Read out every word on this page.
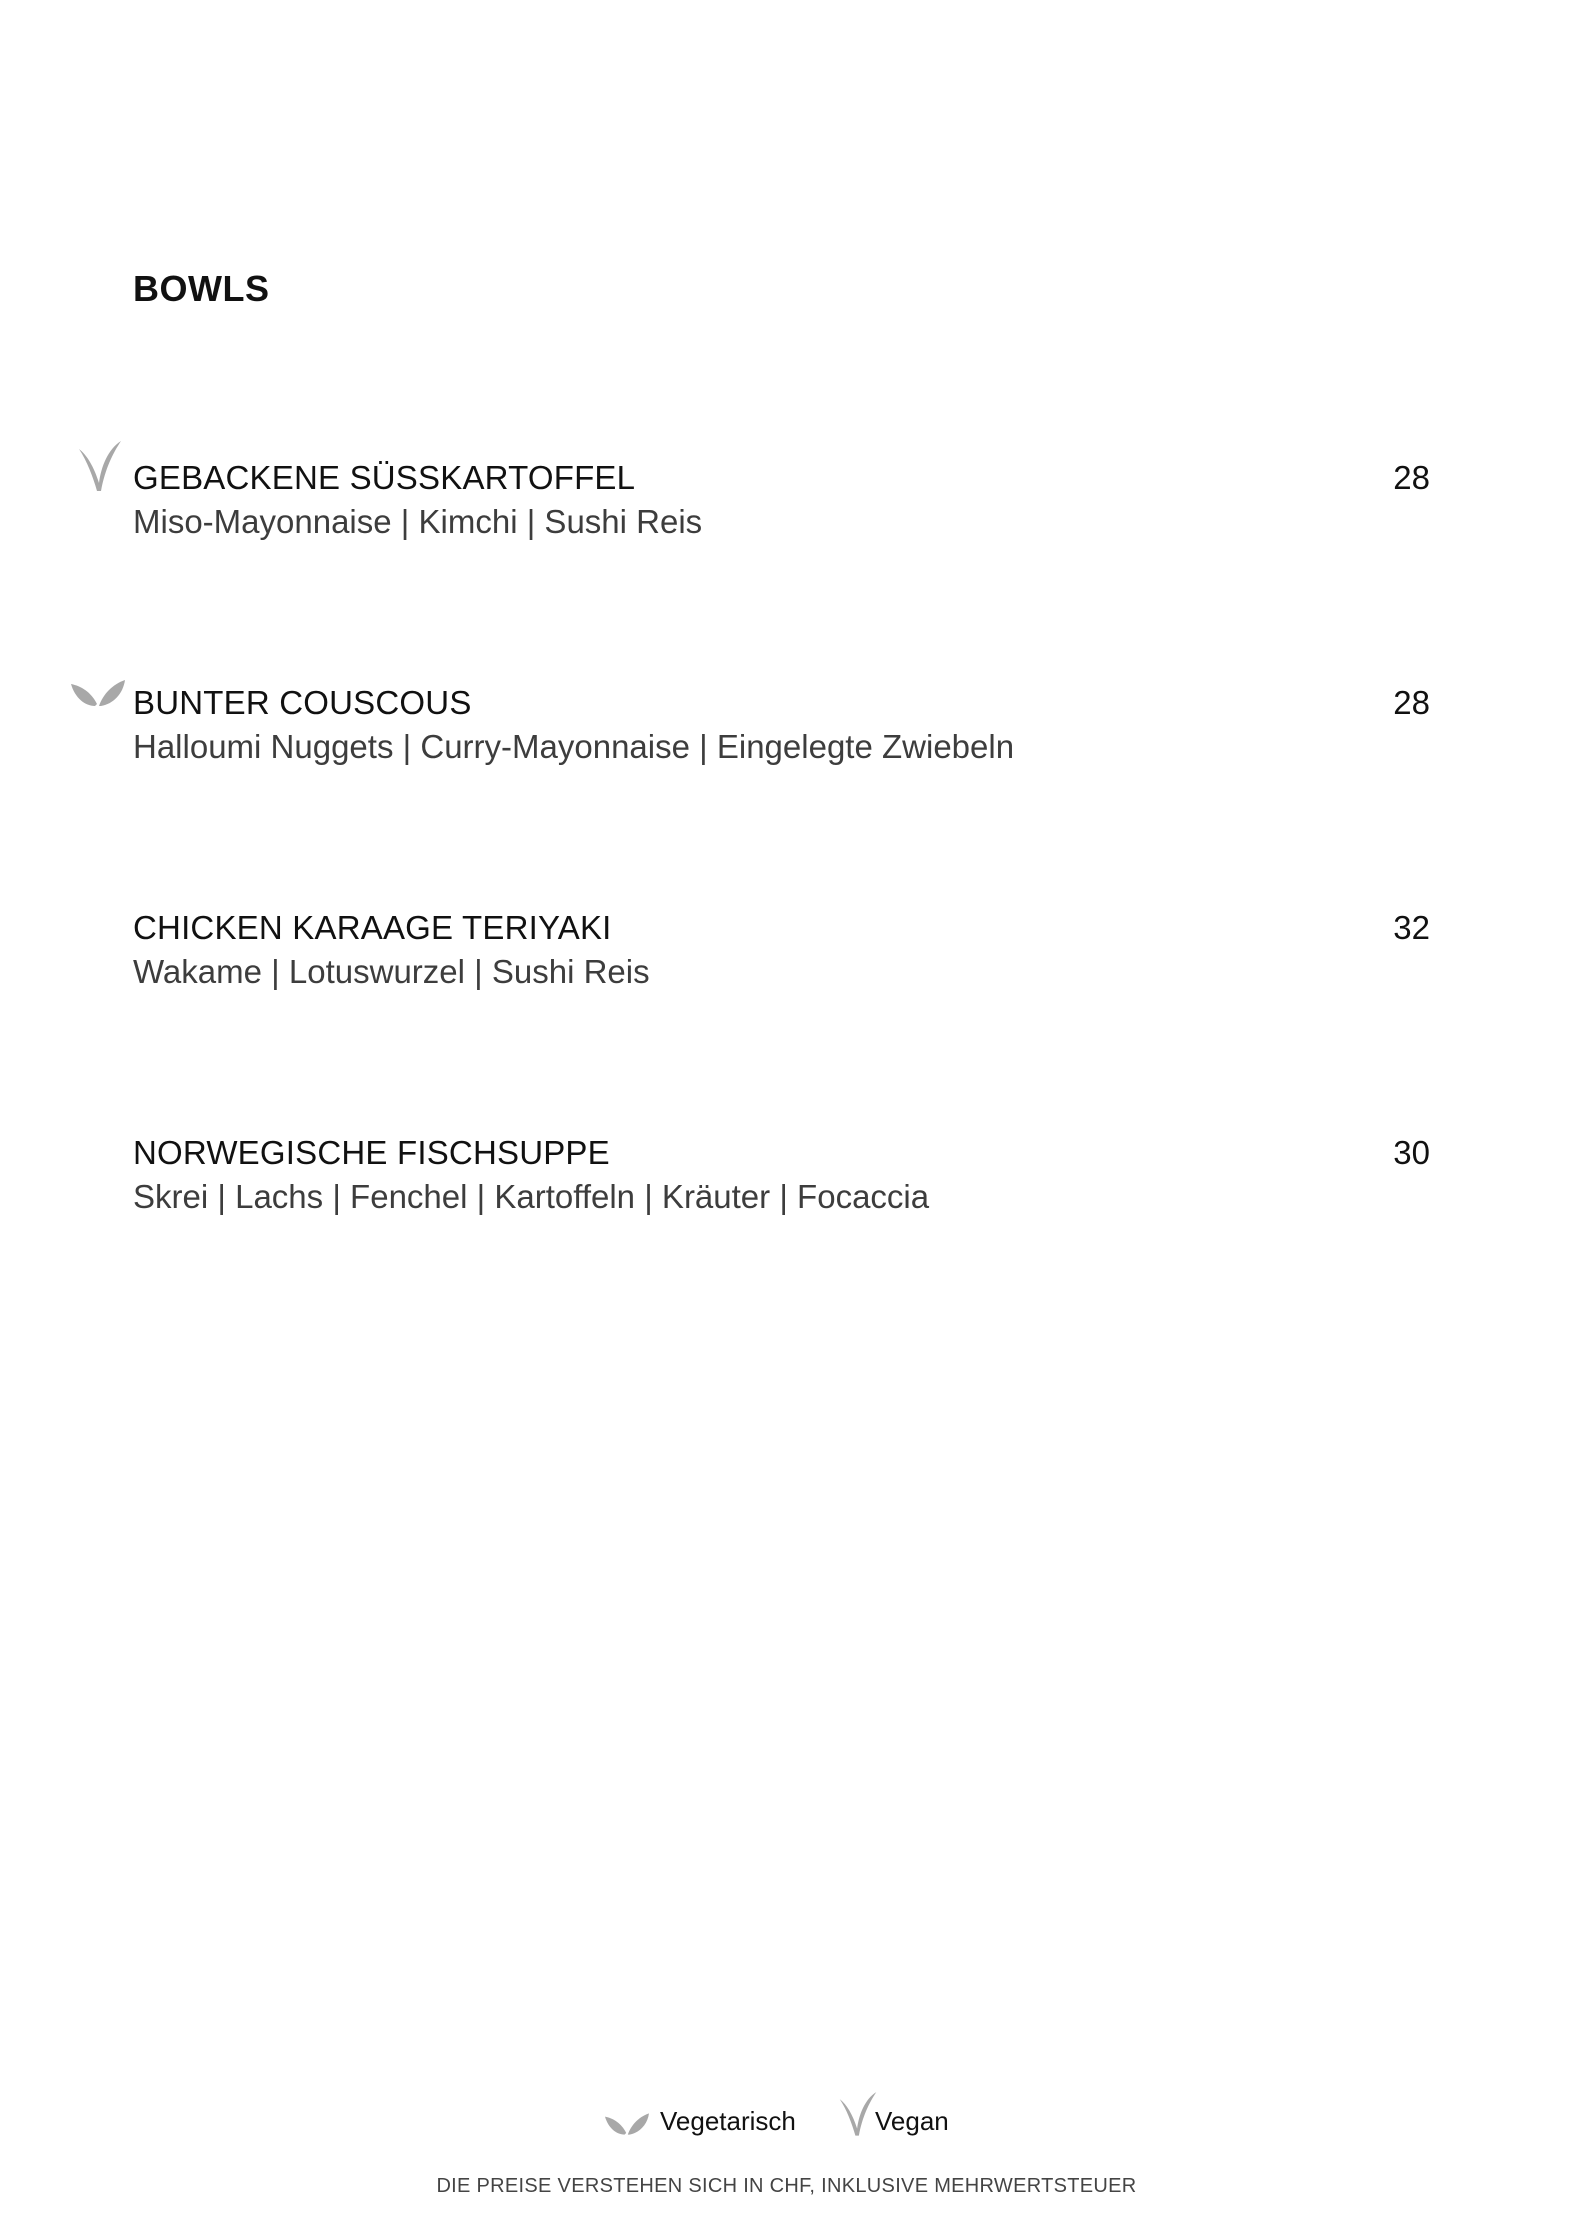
BOWLS
GEBACKENE SÜSSKARTOFFEL	28
Miso-Mayonnaise | Kimchi | Sushi Reis
BUNTER COUSCOUS	28
Halloumi Nuggets | Curry-Mayonnaise | Eingelegte Zwiebeln
CHICKEN KARAAGE TERIYAKI	32
Wakame | Lotuswurzel | Sushi Reis
NORWEGISCHE FISCHSUPPE	30
Skrei | Lachs | Fenchel | Kartoffeln | Kräuter | Focaccia
Vegetarisch	Vegan
DIE PREISE VERSTEHEN SICH IN CHF, INKLUSIVE MEHRWERTSTEUER
